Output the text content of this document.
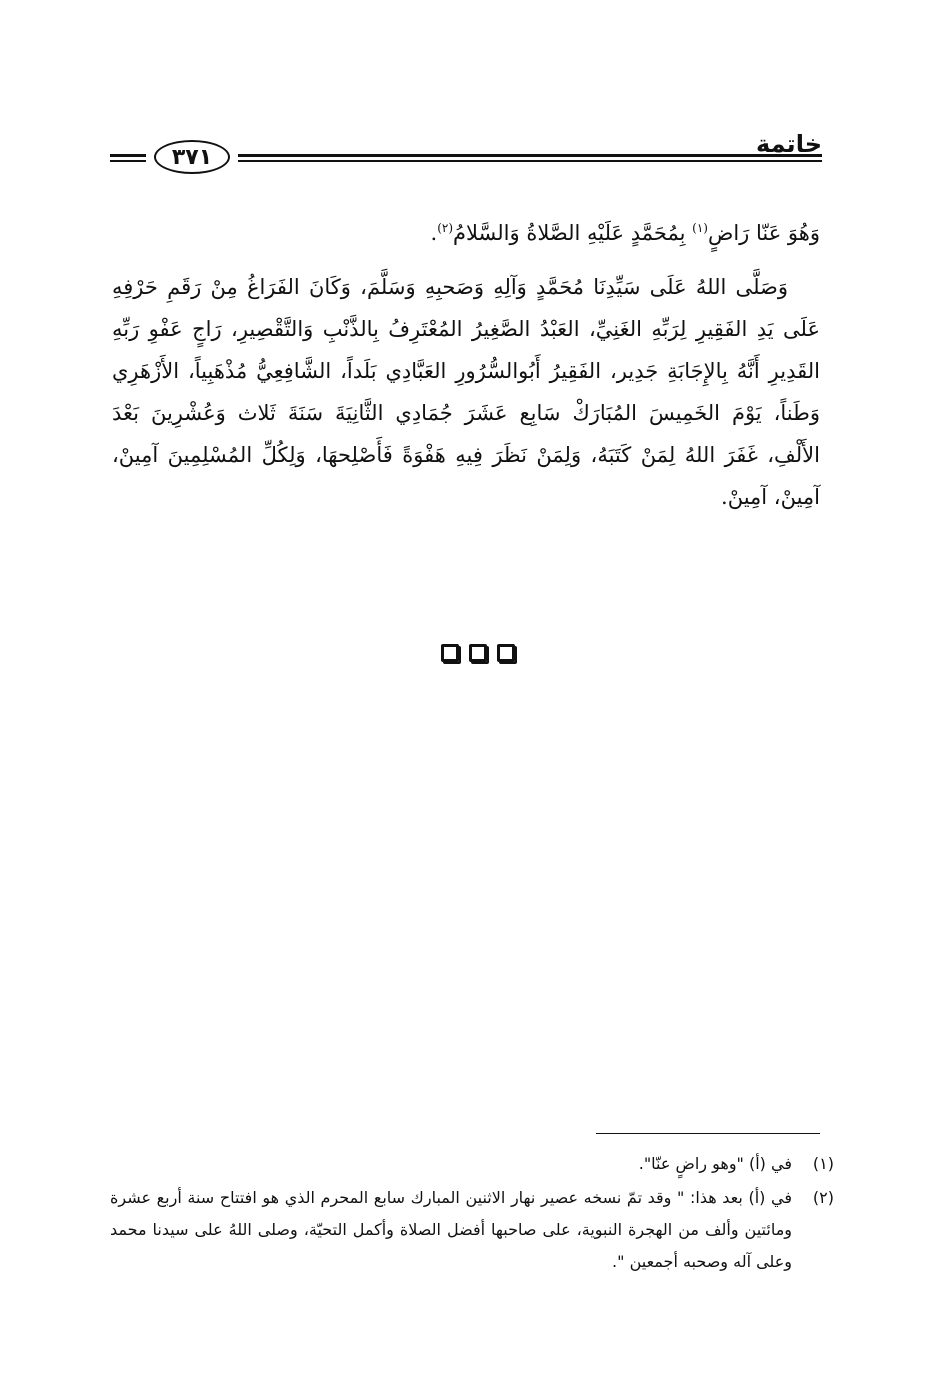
٣٧١	خاتمة

وَهُوَ عَنّا رَاضٍ$^{(١)}$ بِمُحَمَّدٍ عَلَيْهِ الصَّلاةُ وَالسَّلامُ$^{(٢)}$.

وَصَلَّى اللهُ عَلَى سَيِّدِنَا مُحَمَّدٍ وَآلِهِ وَصَحبِهِ وَسَلَّمَ، وَكَانَ الفَرَاغُ مِنْ رَقَمِ حَرْفِهِ عَلَى يَدِ الفَقِيرِ لِرَبِّهِ الغَنِيِّ، العَبْدُ الصَّغِيرُ المُعْتَرِفُ بِالذَّنْبِ وَالتَّقْصِيرِ، رَاجٍ عَفْوِ رَبِّهِ القَدِيرِ أَنَّهُ بِالإِجَابَةِ جَدِير، الفَقِيرُ أَبُوالسُّرُورِ العَبَّادِي بَلَداً، الشَّافِعِيُّ مُذْهَبِياً، الأَزْهَرِي وَطَناً، يَوْمَ الخَمِيسَ المُبَارَكْ سَابِع عَشَرَ جُمَادِي الثَّانِيَةَ سَنَةَ ثَلاث وَعُشْرِينَ بَعْدَ الأَلْفِ، غَفَرَ اللهُ لِمَنْ كَتَبَهُ، وَلِمَنْ نَظَرَ فِيهِ هَفْوَةً فَأَصْلِحهَا، وَلِكُلِّ المُسْلِمِينَ آمِينْ، آمِينْ، آمِينْ.

(١)
في (أ) "وهو راضٍ عنّا".
(٢)
في (أ) بعد هذا: " وقد تمّ نسخه عصير نهار الاثنين المبارك سابع المحرم الذي هو افتتاح سنة أربع عشرة ومائتين وألف من الهجرة النبوية، على صاحبها أفضل الصلاة وأكمل التحيّة، وصلى اللهُ على سيدنا محمد وعلى آله وصحبه أجمعين ".
